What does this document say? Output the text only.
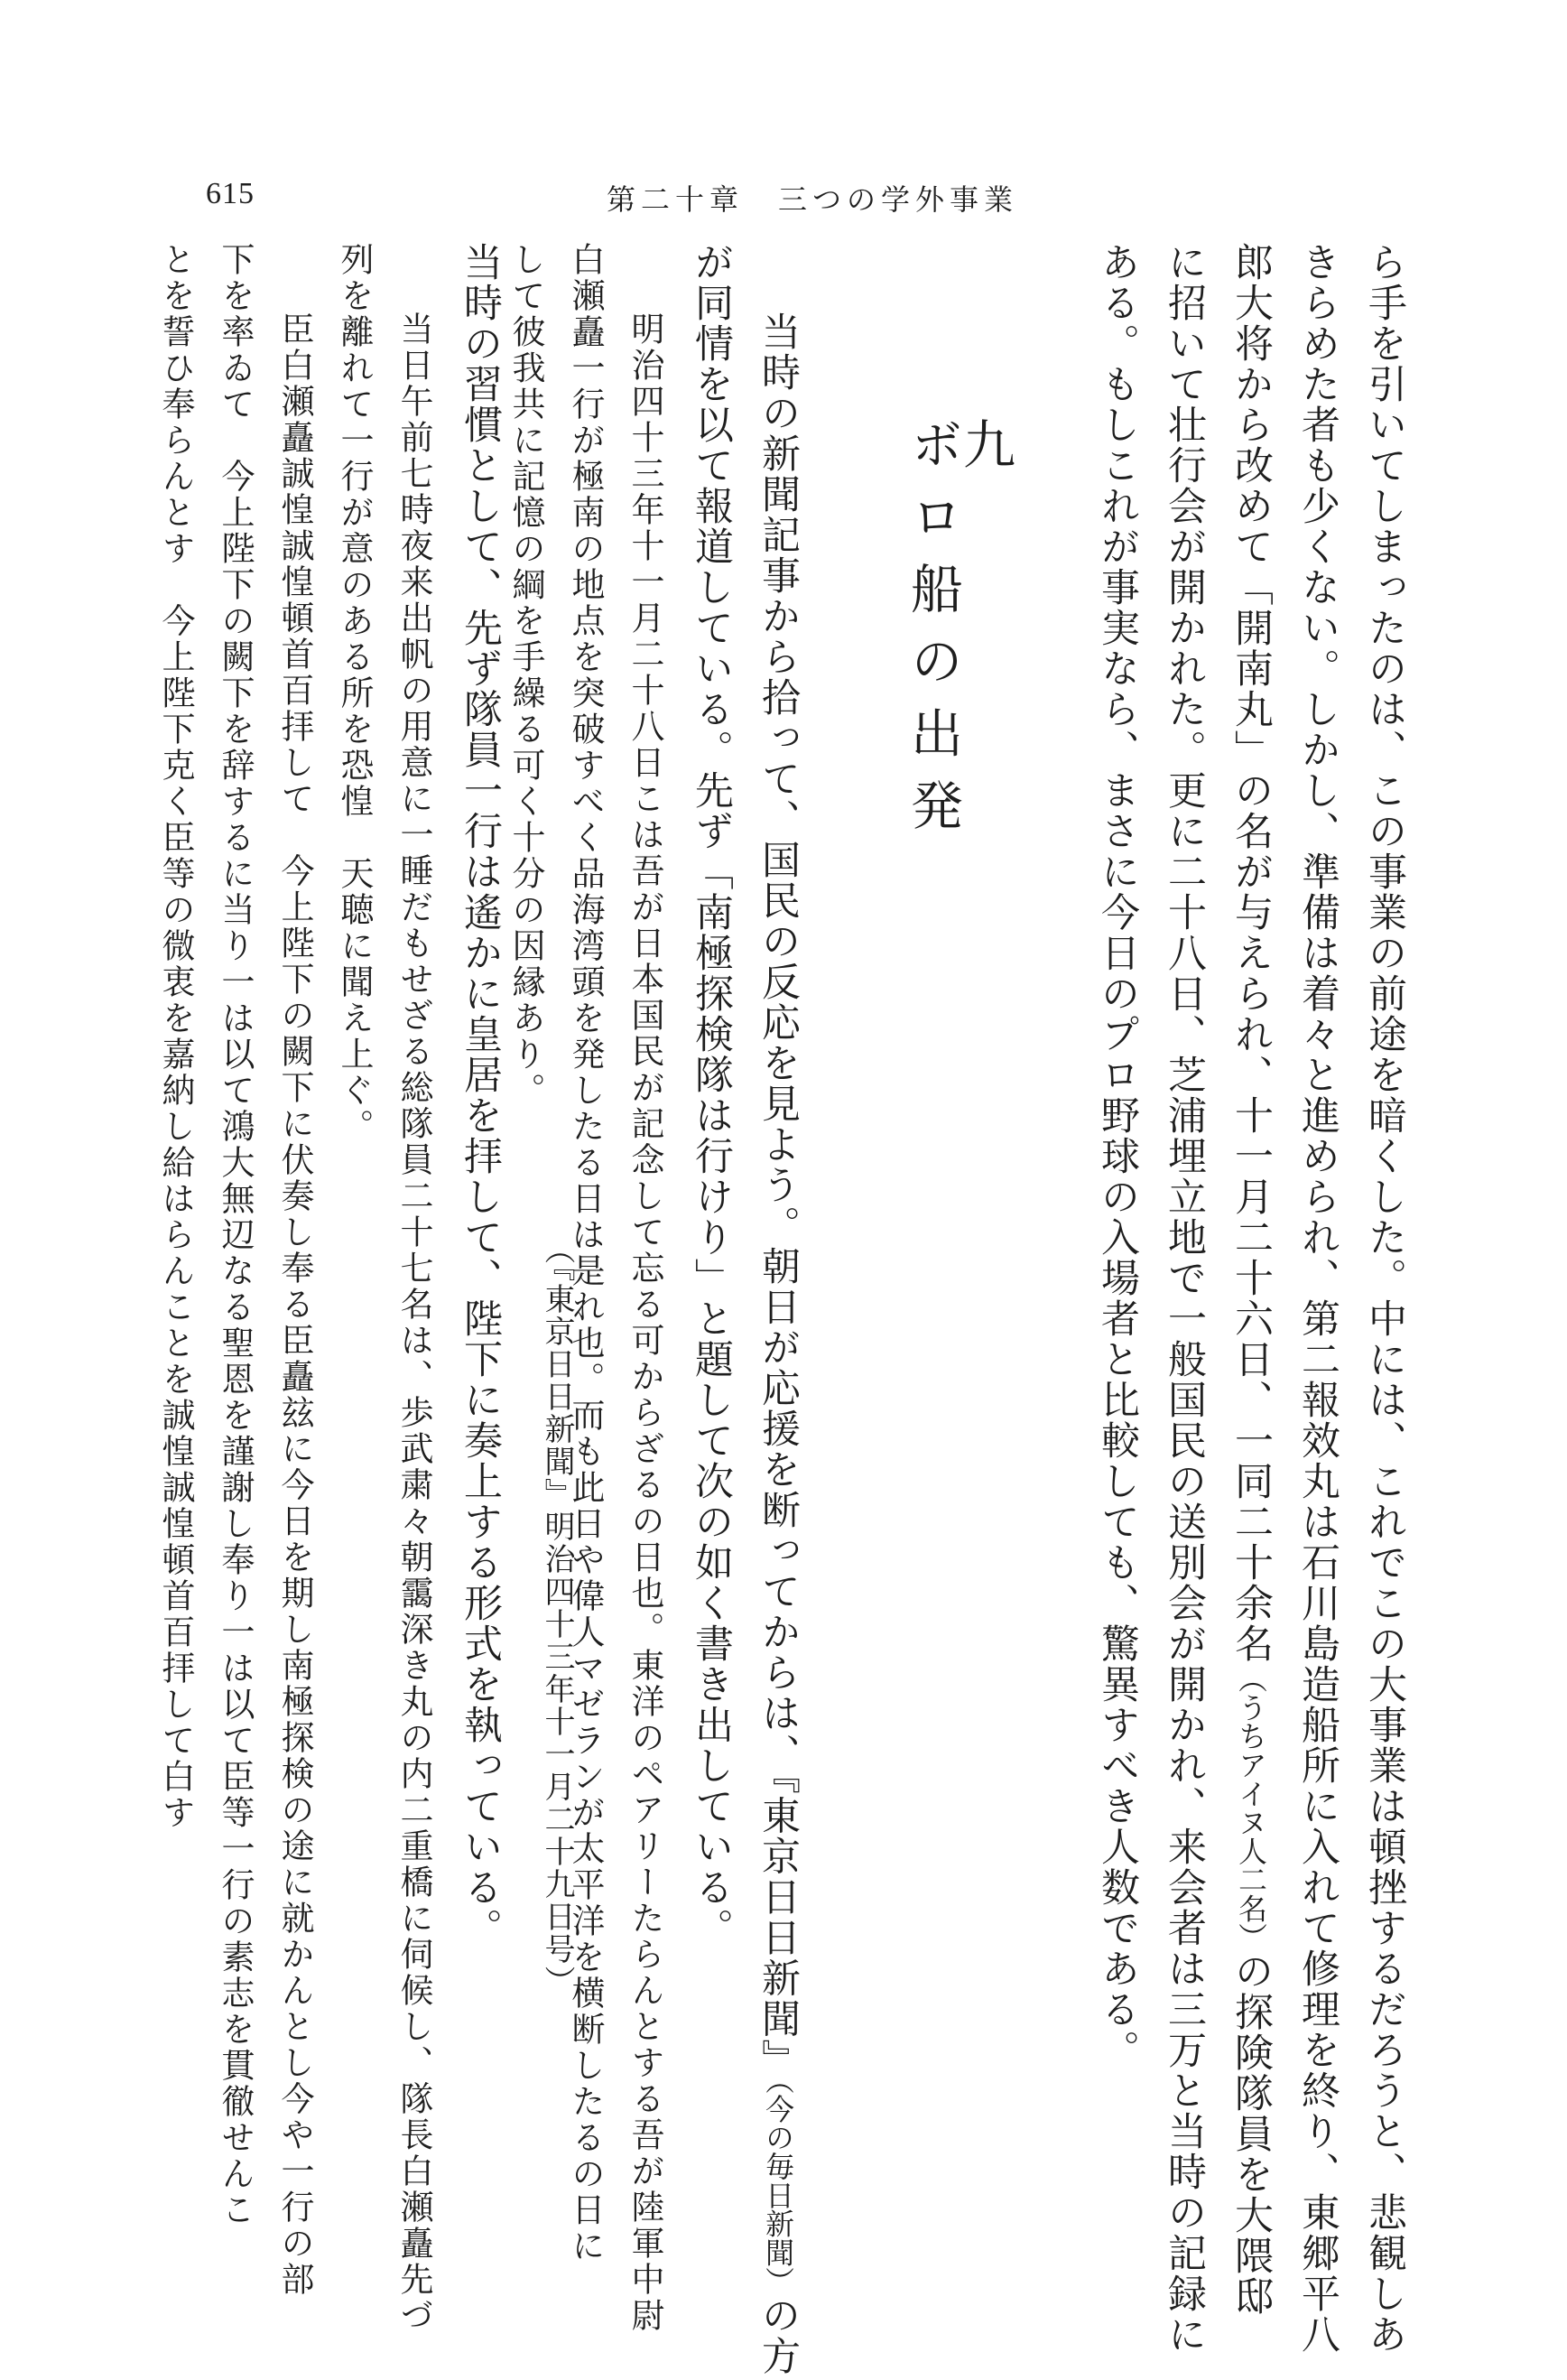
615	第二十章　三つの学外事業
ら手を引いてしまったのは、この事業の前途を暗くした。中には、これでこの大事業は頓挫するだろうと、悲観しあ
きらめた者も少くない。しかし、準備は着々と進められ、第二報效丸は石川島造船所に入れて修理を終り、東郷平八
郎大将から改めて「開南丸」の名が与えられ、十一月二十六日、一同二十余名（うちアイヌ人二名）の探険隊員を大隈邸
に招いて壮行会が開かれた。更に二十八日、芝浦埋立地で一般国民の送別会が開かれ、来会者は三万と当時の記録に
ある。もしこれが事実なら、まさに今日のプロ野球の入場者と比較しても、驚異すべき人数である。
九
ボロ船の出発
当時の新聞記事から拾って、国民の反応を見よう。朝日が応援を断ってからは、『東京日日新聞』（今の毎日新聞）の方
が同情を以て報道している。先ず「南極探検隊は行けり」と題して次の如く書き出している。
明治四十三年十一月二十八日こは吾が日本国民が記念して忘る可からざるの日也。東洋のペアリーたらんとする吾が陸軍中尉
白瀬矗一行が極南の地点を突破すべく品海湾頭を発したる日は是れ也。而も此日や偉人マゼランが太平洋を横断したるの日に
して彼我共に記憶の綱を手繰る可く十分の因縁あり。
（『東京日日新聞』明治四十三年十一月二十九日号）
当時の習慣として、先ず隊員一行は遙かに皇居を拝して、陛下に奏上する形式を執っている。
当日午前七時夜来出帆の用意に一睡だもせざる総隊員二十七名は、歩武粛々朝靄深き丸の内二重橋に伺候し、隊長白瀬矗先づ
列を離れて一行が意のある所を恐惶　天聴に聞え上ぐ。
臣白瀬矗誠惶誠惶頓首百拝して　今上陛下の闕下に伏奏し奉る臣矗玆に今日を期し南極探検の途に就かんとし今や一行の部
下を率ゐて　今上陛下の闕下を辞するに当り一は以て鴻大無辺なる聖恩を謹謝し奉り一は以て臣等一行の素志を貫徹せんこ
とを誓ひ奉らんとす　今上陛下克く臣等の微衷を嘉納し給はらんことを誠惶誠惶頓首百拝して白す
